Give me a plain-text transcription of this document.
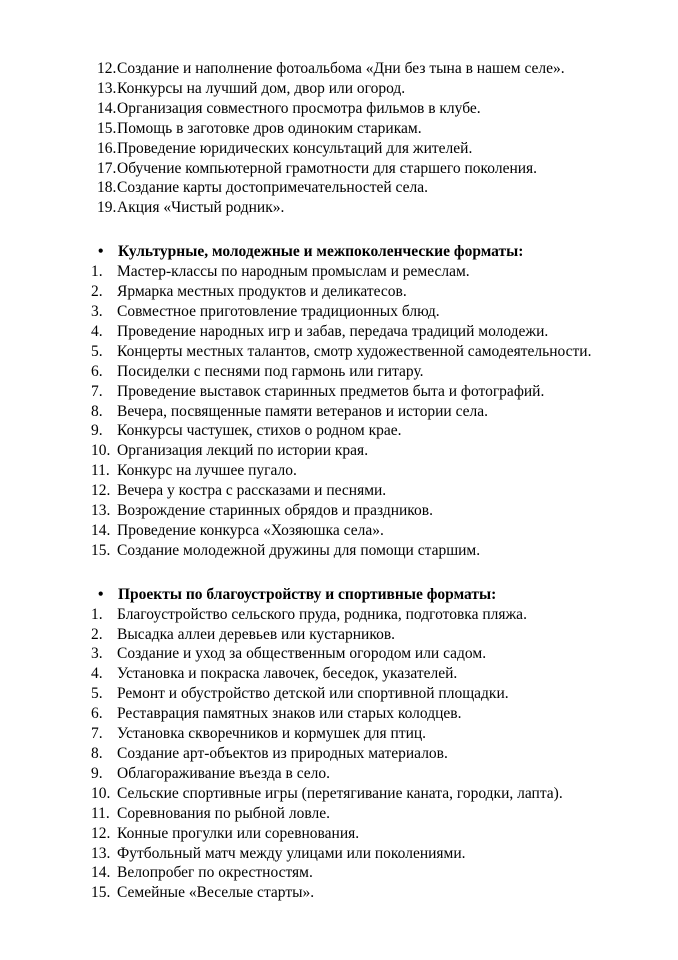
12.Создание и наполнение фотоальбома «Дни без тына в нашем селе».
13.Конкурсы на лучший дом, двор или огород.
14.Организация совместного просмотра фильмов в клубе.
15.Помощь в заготовке дров одиноким старикам.
16.Проведение юридических консультаций для жителей.
17.Обучение компьютерной грамотности для старшего поколения.
18.Создание карты достопримечательностей села.
19.Акция «Чистый родник».
• Культурные, молодежные и межпоколенческие форматы:
1. Мастер-классы по народным промыслам и ремеслам.
2. Ярмарка местных продуктов и деликатесов.
3. Совместное приготовление традиционных блюд.
4. Проведение народных игр и забав, передача традиций молодежи.
5. Концерты местных талантов, смотр художественной самодеятельности.
6. Посиделки с песнями под гармонь или гитару.
7. Проведение выставок старинных предметов быта и фотографий.
8. Вечера, посвященные памяти ветеранов и истории села.
9. Конкурсы частушек, стихов о родном крае.
10. Организация лекций по истории края.
11. Конкурс на лучшее пугало.
12. Вечера у костра с рассказами и песнями.
13. Возрождение старинных обрядов и праздников.
14. Проведение конкурса «Хозяюшка села».
15. Создание молодежной дружины для помощи старшим.
• Проекты по благоустройству и спортивные форматы:
1. Благоустройство сельского пруда, родника, подготовка пляжа.
2. Высадка аллеи деревьев или кустарников.
3. Создание и уход за общественным огородом или садом.
4. Установка и покраска лавочек, беседок, указателей.
5. Ремонт и обустройство детской или спортивной площадки.
6. Реставрация памятных знаков или старых колодцев.
7. Установка скворечников и кормушек для птиц.
8. Создание арт-объектов из природных материалов.
9. Облагораживание въезда в село.
10. Сельские спортивные игры (перетягивание каната, городки, лапта).
11. Соревнования по рыбной ловле.
12. Конные прогулки или соревнования.
13. Футбольный матч между улицами или поколениями.
14. Велопробег по окрестностям.
15. Семейные «Веселые старты».
